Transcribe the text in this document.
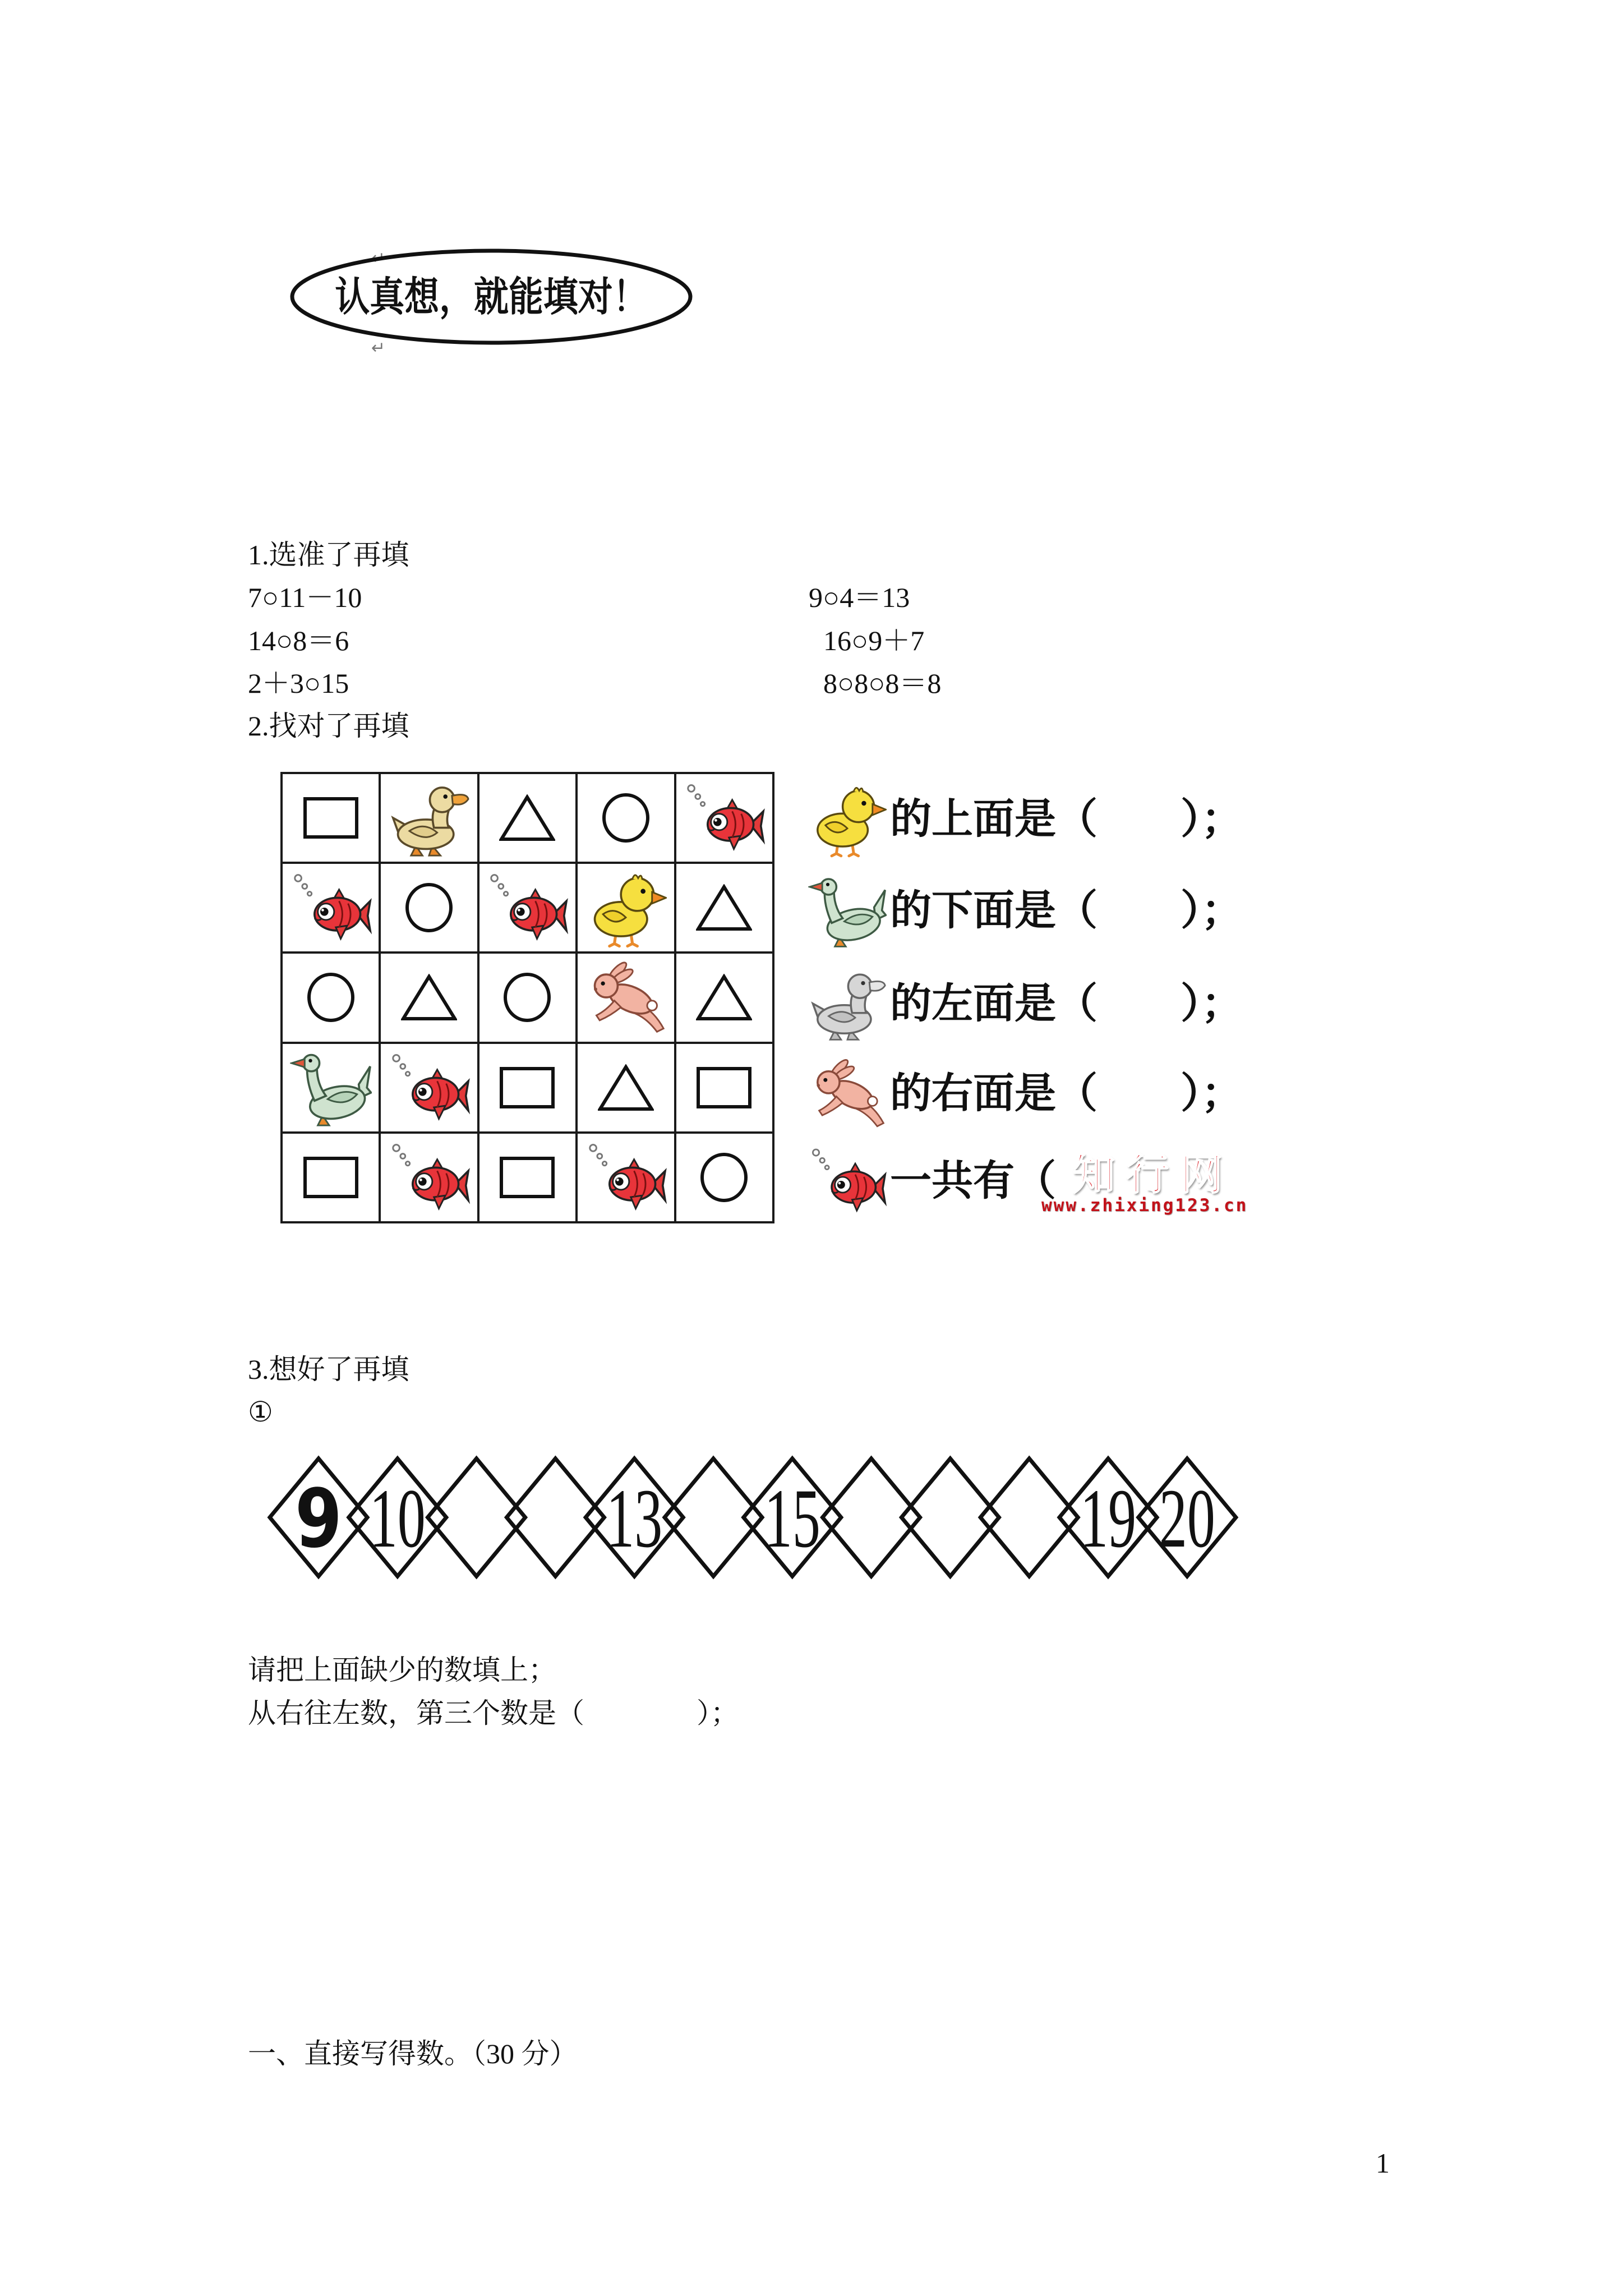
↵
认真想，就能填对！
↵
1.选准了再填
7○11－10	9○4＝13
14○8＝6	16○9＋7
2＋3○15	8○8○8＝8
2.找对了再填
的上面是（　　）；
的下面是（　　）；
的左面是（　　）；
的右面是（　　）；
一共有（ 知行网
www.zhixing123.cn
3.想好了再填
①
9 10 13 15	19 20
请把上面缺少的数填上；
从右往左数，第三个数是（　　　　）；
一、直接写得数。（30 分）
1
